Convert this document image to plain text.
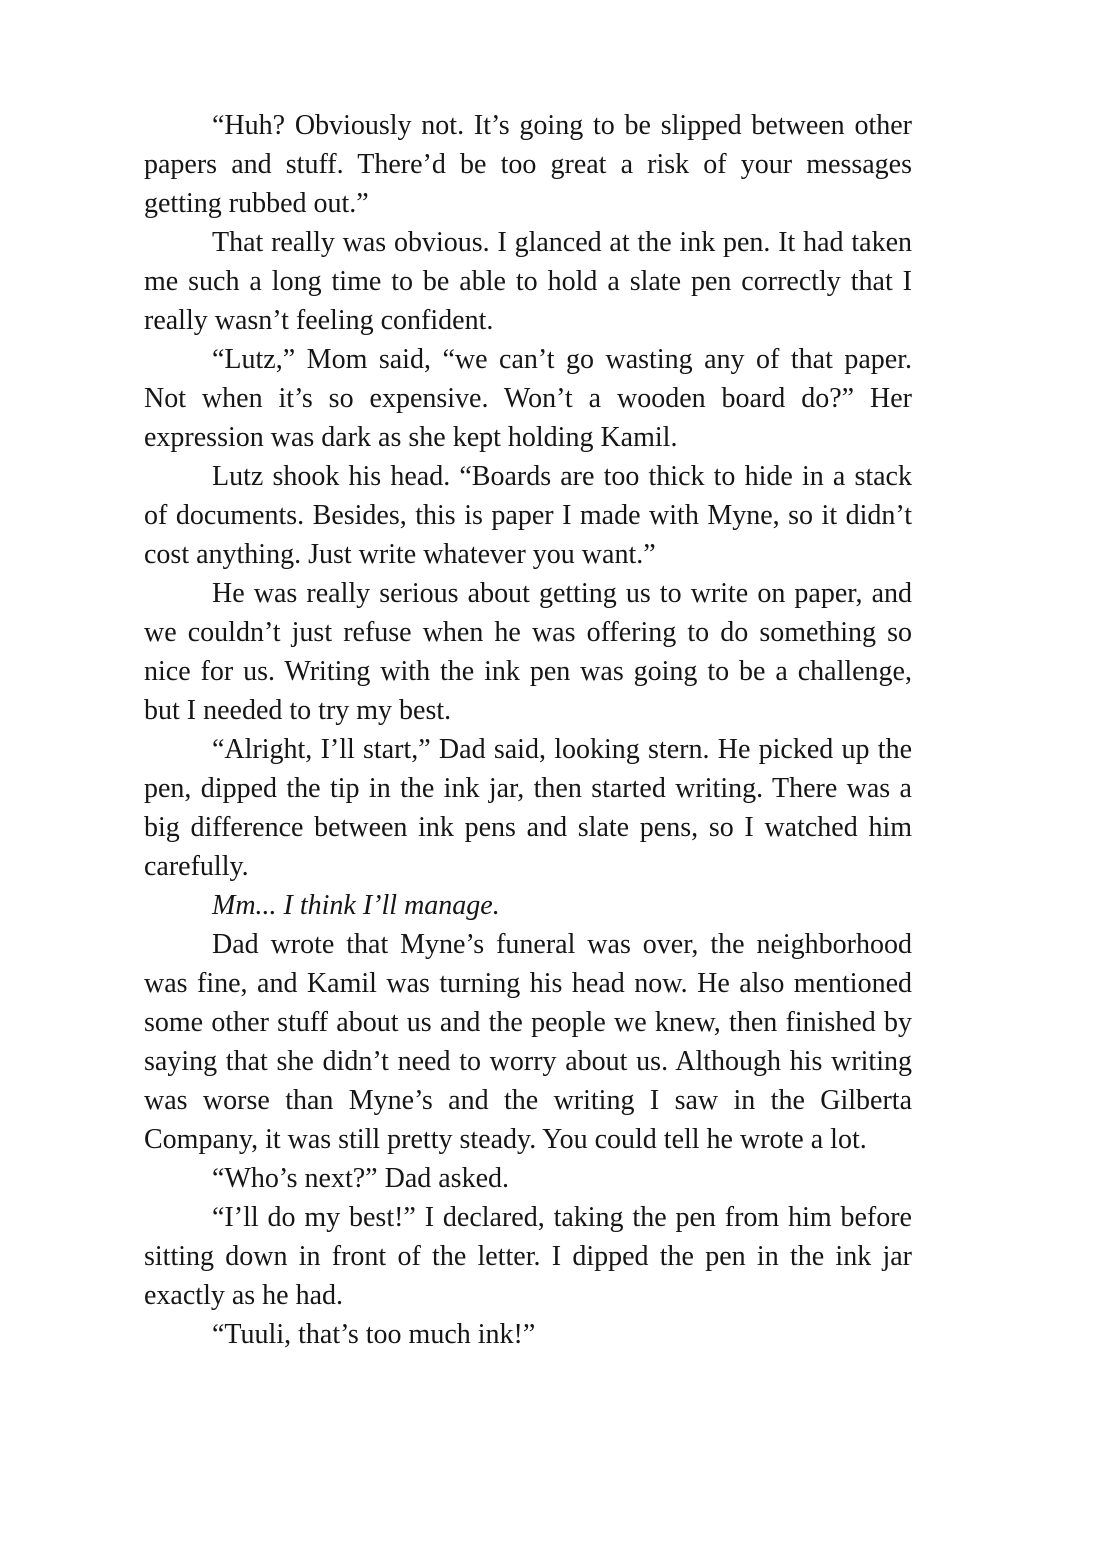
“Huh? Obviously not. It’s going to be slipped between other papers and stuff. There’d be too great a risk of your messages getting rubbed out.”

That really was obvious. I glanced at the ink pen. It had taken me such a long time to be able to hold a slate pen correctly that I really wasn’t feeling confident.

“Lutz,” Mom said, “we can’t go wasting any of that paper. Not when it’s so expensive. Won’t a wooden board do?” Her expression was dark as she kept holding Kamil.

Lutz shook his head. “Boards are too thick to hide in a stack of documents. Besides, this is paper I made with Myne, so it didn’t cost anything. Just write whatever you want.”

He was really serious about getting us to write on paper, and we couldn’t just refuse when he was offering to do something so nice for us. Writing with the ink pen was going to be a challenge, but I needed to try my best.

“Alright, I’ll start,” Dad said, looking stern. He picked up the pen, dipped the tip in the ink jar, then started writing. There was a big difference between ink pens and slate pens, so I watched him carefully.

Mm... I think I’ll manage.

Dad wrote that Myne’s funeral was over, the neighborhood was fine, and Kamil was turning his head now. He also mentioned some other stuff about us and the people we knew, then finished by saying that she didn’t need to worry about us. Although his writing was worse than Myne’s and the writing I saw in the Gilberta Company, it was still pretty steady. You could tell he wrote a lot.

“Who’s next?” Dad asked.

“I’ll do my best!” I declared, taking the pen from him before sitting down in front of the letter. I dipped the pen in the ink jar exactly as he had.

“Tuuli, that’s too much ink!”
